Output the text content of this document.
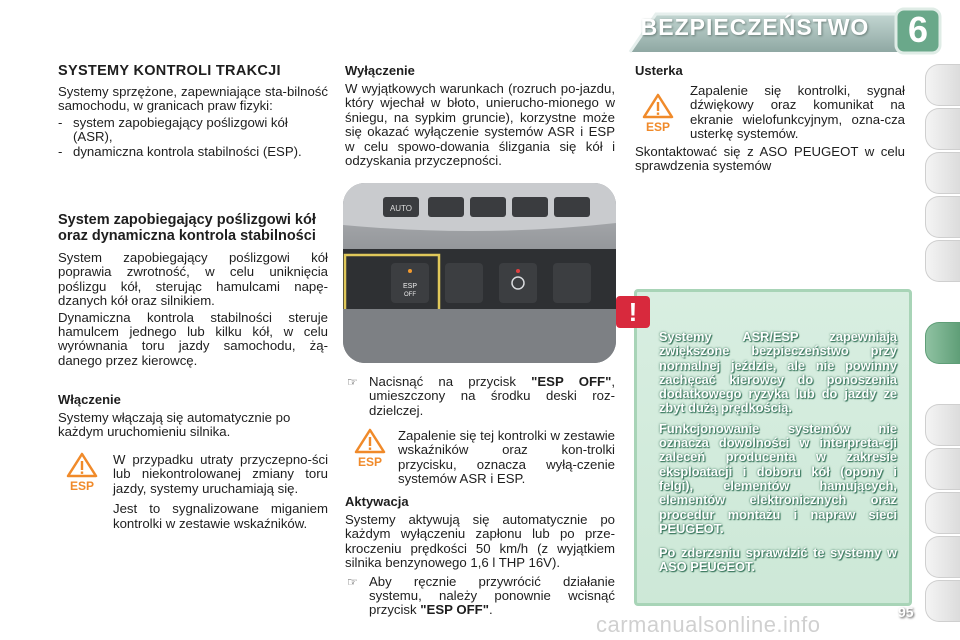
BEZPIECZEŃSTWO	6
SYSTEMY KONTROLI TRAKCJI

Systemy sprzężone, zapewniające sta-bilność samochodu, w granicach praw fizyki:

- system zapobiegający poślizgowi kół (ASR),
- dynamiczna kontrola stabilności (ESP).
System zapobiegający poślizgowi kół oraz dynamiczna kontrola stabilności

System zapobiegający poślizgowi kół poprawia zwrotność, w celu uniknięcia poślizgu kół, sterując hamulcami napę-dzanych kół oraz silnikiem.

Dynamiczna kontrola stabilności steruje hamulcem jednego lub kilku kół, w celu wyrównania toru jazdy samochodu, żą-danego przez kierowcę.

Włączenie

Systemy włączają się automatycznie po każdym uruchomieniu silnika.

ESP

W przypadku utraty przyczepno-ści lub niekontrolowanej zmiany toru jazdy, systemy uruchamiają się.

Jest to sygnalizowane miganiem kontrolki w zestawie wskaźników.

Wyłączenie

W wyjątkowych warunkach (rozruch po-jazdu, który wjechał w błoto, unierucho-mionego w śniegu, na sypkim gruncie), korzystne może się okazać wyłączenie systemów ASR i ESP w celu spowo-dowania ślizgania się kół i odzyskania przyczepności.

AUTO
ESP
OFF
☞ Nacisnąć na przycisk "ESP OFF", umieszczony na środku deski roz-dzielczej.
ESP

Zapalenie się tej kontrolki w zestawie wskaźników oraz kon-trolki przycisku, oznacza wyłą-czenie systemów ASR i ESP.

Aktywacja

Systemy aktywują się automatycznie po każdym wyłączeniu zapłonu lub po prze-kroczeniu prędkości 50 km/h (z wyjątkiem silnika benzynowego 1,6 l THP 16V).

☞ Aby ręcznie przywrócić działanie systemu, należy ponownie wcisnąć przycisk "ESP OFF".
Usterka
ESP

Zapalenie się kontrolki, sygnał dźwiękowy oraz komunikat na ekranie wielofunkcyjnym, ozna-cza usterkę systemów.

Skontaktować się z ASO PEUGEOT w celu sprawdzenia systemów

!

Systemy ASR/ESP zapewniają zwiększone bezpieczeństwo przy normalnej jeździe, ale nie powinny zachęcać kierowcy do ponoszenia dodatkowego ryzyka lub do jazdy ze zbyt dużą prędkością.

Funkcjonowanie systemów nie oznacza dowolności w interpreta-cji zaleceń producenta w zakresie eksploatacji i doboru kół (opony i felgi), elementów hamujących, elementów elektronicznych oraz procedur montażu i napraw sieci PEUGEOT.

Po zderzeniu sprawdzić te systemy w ASO PEUGEOT.

95
carmanualsonline.info
